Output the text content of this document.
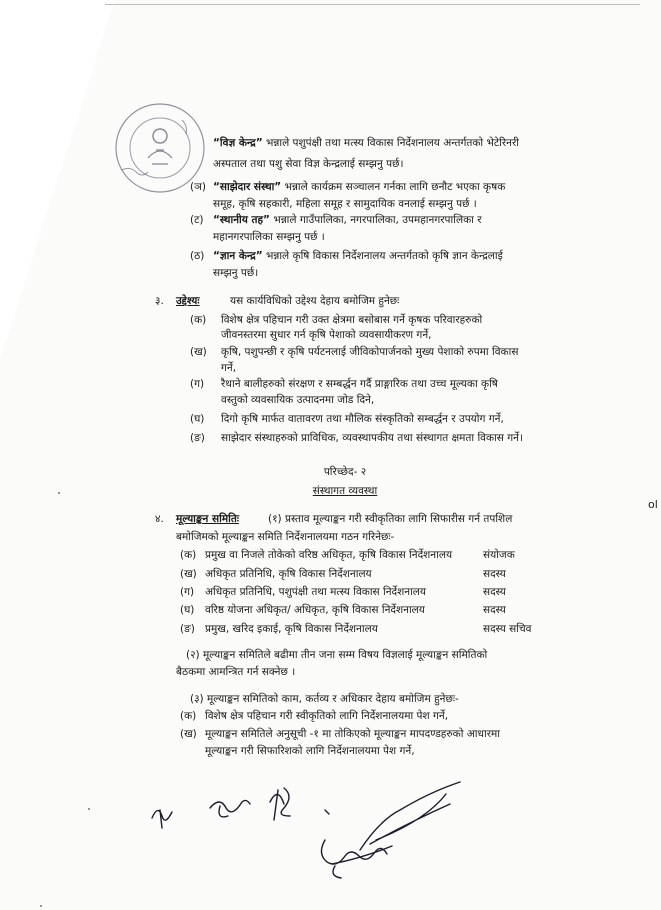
“विज्ञ केन्द्र” भन्नाले पशुपंक्षी तथा मत्स्य विकास निर्देशनालय अन्तर्गतको भेटेरिनरी
अस्पताल तथा पशु सेवा विज्ञ केन्द्रलाई सम्झनु पर्छ।
(ञ) “साझेदार संस्था” भन्नाले कार्यक्रम सञ्चालन गर्नका लागि छनौट भएका कृषक
समूह, कृषि सहकारी, महिला समूह र सामुदायिक वनलाई सम्झनु पर्छ ।
(ट) “स्थानीय तह” भन्नाले गाउँपालिका, नगरपालिका, उपमहानगरपालिका र
महानगरपालिका सम्झनु पर्छ ।
(ठ) “ज्ञान केन्द्र” भन्नाले कृषि विकास निर्देशनालय अन्तर्गतको कृषि ज्ञान केन्द्रलाई
सम्झनु पर्छ।
३. उद्देश्यः	यस कार्यविधिको उद्देश्य देहाय बमोजिम हुनेछः
(क) विशेष क्षेत्र पहिचान गरी उक्त क्षेत्रमा बसोबास गर्ने कृषक परिवारहरुको
जीवनस्तरमा सुधार गर्न कृषि पेशाको व्यवसायीकरण गर्ने,
(ख) कृषि, पशुपन्छी र कृषि पर्यटनलाई जीविकोपार्जनको मुख्य पेशाको रुपमा विकास
गर्ने,
(ग) रैथाने बालीहरुको संरक्षण र सम्बर्द्धन गर्दै प्राङ्गारिक तथा उच्च मूल्यका कृषि
वस्तुको व्यवसायिक उत्पादनमा जोड दिने,
(घ) दिगो कृषि मार्फत वातावरण तथा मौलिक संस्कृतिको सम्बर्द्धन र उपयोग गर्ने,
(ङ) साझेदार संस्थाहरुको प्राविधिक, व्यवस्थापकीय तथा संस्थागत क्षमता विकास गर्ने।
परिच्छेद- २
संस्थागत व्यवस्था
४. मूल्याङ्कन समितिः	(१) प्रस्ताव मूल्याङ्कन गरी स्वीकृतिका लागि सिफारीस गर्न तपशिल
बमोजिमको मूल्याङ्कन समिति निर्देशनालयमा गठन गरिनेछः-
(क) प्रमुख वा निजले तोकेको वरिष्ठ अधिकृत, कृषि विकास निर्देशनालय	संयोजक
(ख) अधिकृत प्रतिनिधि, कृषि विकास निर्देशनालय	सदस्य
(ग) अधिकृत प्रतिनिधि, पशुपंक्षी तथा मत्स्य विकास निर्देशनालय	सदस्य
(घ) वरिष्ठ योजना अधिकृत/ अधिकृत, कृषि विकास निर्देशनालय	सदस्य
(ङ) प्रमुख, खरिद इकाई, कृषि विकास निर्देशनालय	सदस्य सचिव
(२) मूल्याङ्कन समितिले बढीमा तीन जना सम्म विषय विज्ञलाई मूल्याङ्कन समितिको
बैठकमा आमन्त्रित गर्न सक्नेछ ।
(३) मूल्याङ्कन समितिको काम, कर्तव्य र अधिकार देहाय बमोजिम हुनेछः-
(क) विशेष क्षेत्र पहिचान गरी स्वीकृतिको लागि निर्देशनालयमा पेश गर्ने,
(ख) मूल्याङ्कन समितिले अनुसूची -१ मा तोकिएको मूल्याङ्कन मापदण्डहरुको आधारमा
मूल्याङ्कन गरी सिफारिशको लागि निर्देशनालयमा पेश गर्ने,
ol
